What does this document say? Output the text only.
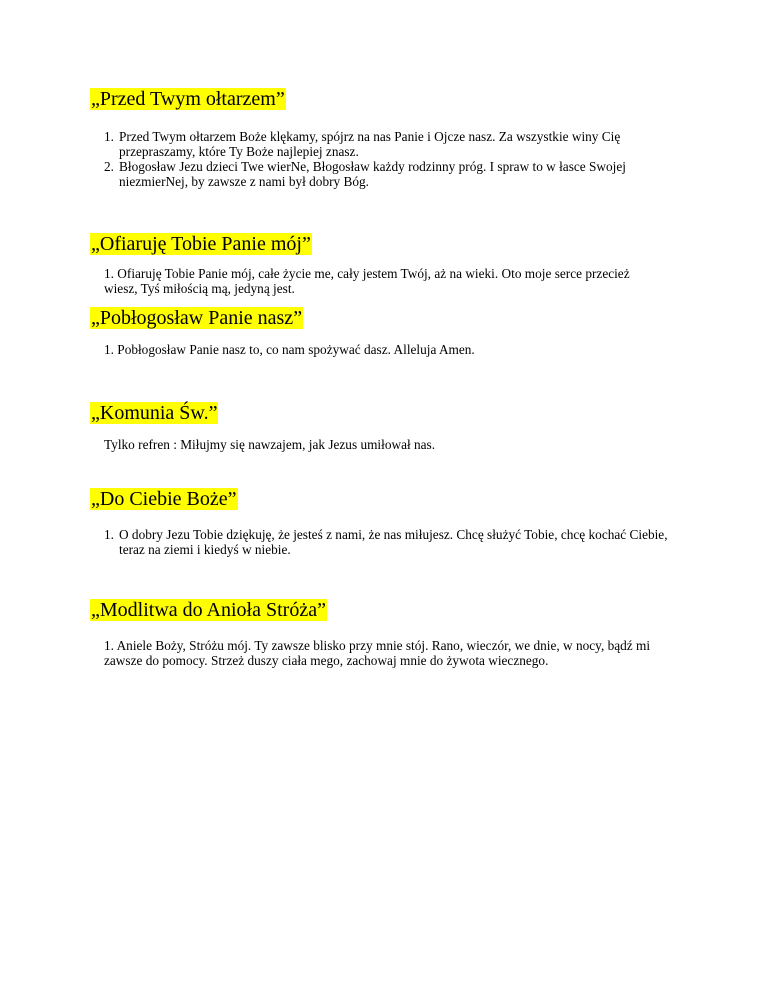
„Przed Twym ołtarzem”
1. Przed Twym ołtarzem Boże klękamy, spójrz na nas Panie i Ojcze nasz. Za wszystkie winy Cię przepraszamy, które Ty Boże najlepiej znasz.
2. Błogosław Jezu dzieci Twe wierNe, Błogosław każdy rodzinny próg. I spraw to w łasce Swojej niezmierNej, by zawsze z nami był dobry Bóg.
„Ofiaruję Tobie Panie mój”

1. Ofiaruję Tobie Panie mój, całe życie me, cały jestem Twój, aż na wieki. Oto moje serce przecież wiesz, Tyś miłością mą, jedyną jest.

„Pobłogosław Panie nasz”

1. Pobłogosław Panie nasz to, co nam spożywać dasz. Alleluja Amen.

„Komunia Św.”

Tylko refren : Miłujmy się nawzajem, jak Jezus umiłował nas.

„Do Ciebie Boże”
1. O dobry Jezu Tobie dziękuję, że jesteś z nami, że nas miłujesz. Chcę służyć Tobie, chcę kochać Ciebie, teraz na ziemi i kiedyś w niebie.
„Modlitwa do Anioła Stróża”

1. Aniele Boży, Stróżu mój. Ty zawsze blisko przy mnie stój. Rano, wieczór, we dnie, w nocy, bądź mi zawsze do pomocy. Strzeż duszy ciała mego, zachowaj mnie do żywota wiecznego.
